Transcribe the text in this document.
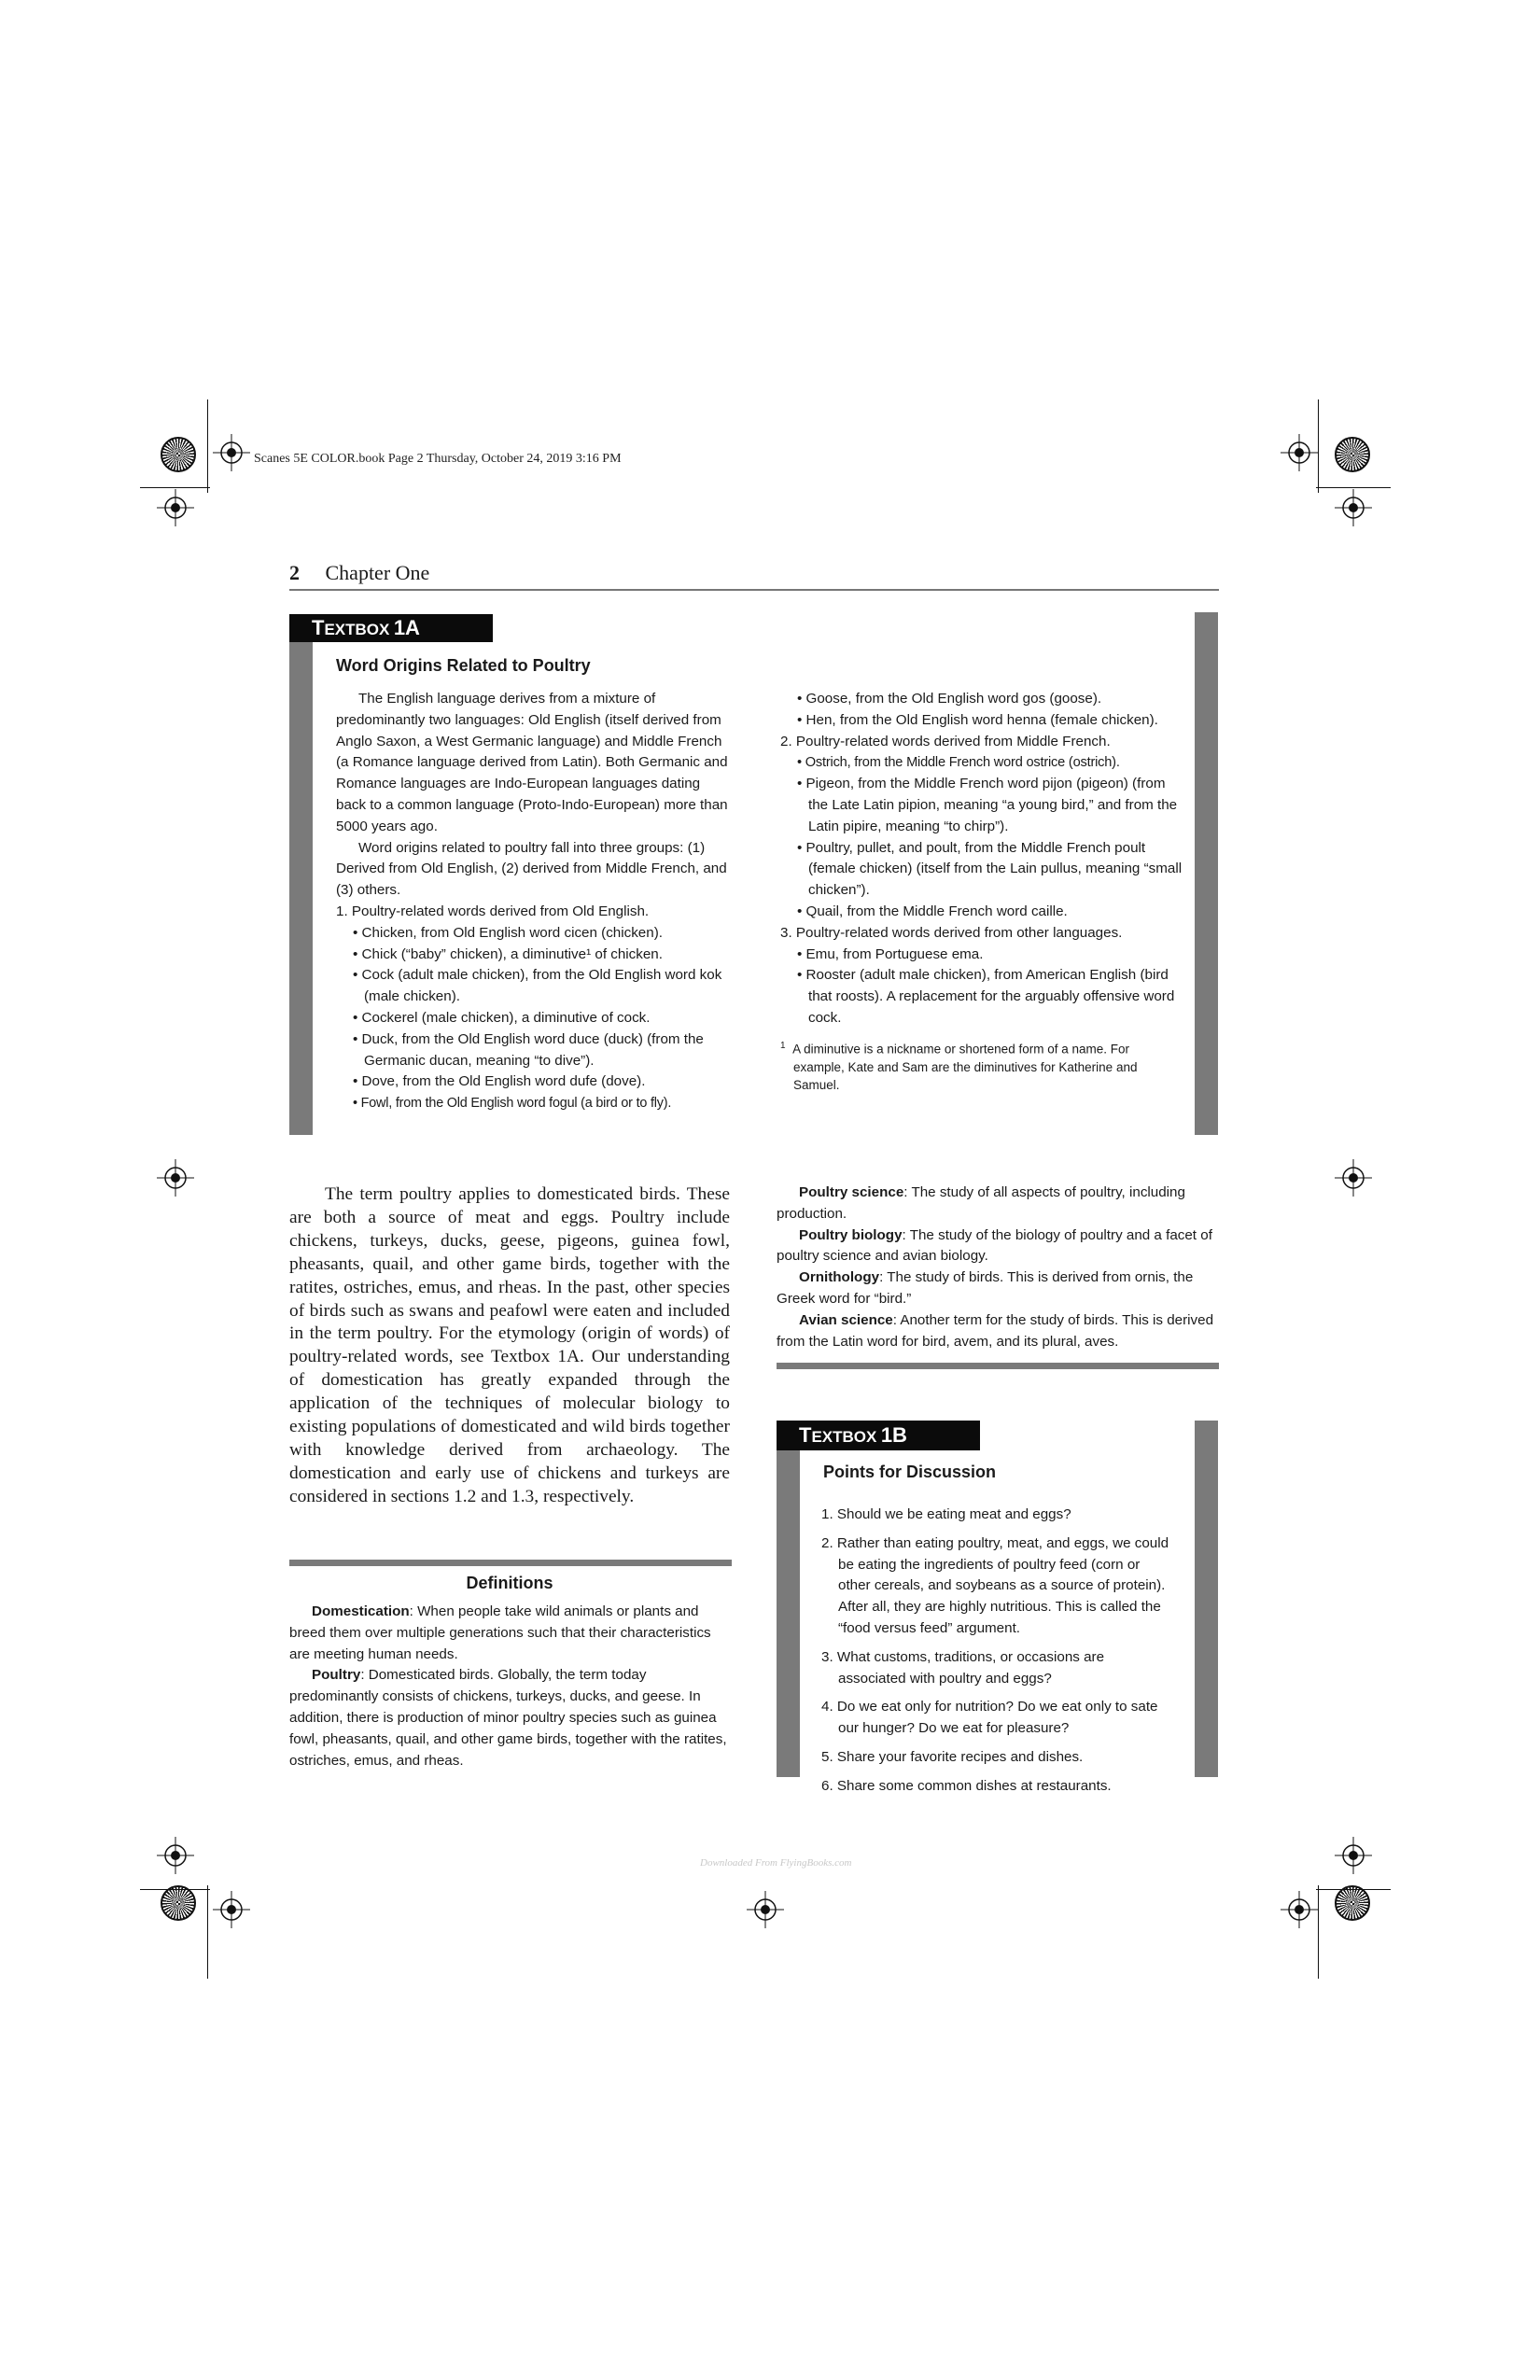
Scanes 5E COLOR.book Page 2 Thursday, October 24, 2019 3:16 PM
2 Chapter One
TEXTBOX 1A
Word Origins Related to Poultry

The English language derives from a mixture of predominantly two languages: Old English (itself derived from Anglo Saxon, a West Germanic language) and Middle French (a Romance language derived from Latin). Both Germanic and Romance languages are Indo-European languages dating back to a common language (Proto-Indo-European) more than 5000 years ago.

Word origins related to poultry fall into three groups: (1) Derived from Old English, (2) derived from Middle French, and (3) others.

1. Poultry-related words derived from Old English.

• Chicken, from Old English word cicen (chicken).
• Chick (“baby” chicken), a diminutive¹ of chicken.
• Cock (adult male chicken), from the Old English word kok (male chicken).
• Cockerel (male chicken), a diminutive of cock.
• Duck, from the Old English word duce (duck) (from the Germanic ducan, meaning “to dive”).
• Dove, from the Old English word dufe (dove).
• Fowl, from the Old English word fogul (a bird or to fly).
• Goose, from the Old English word gos (goose).
• Hen, from the Old English word henna (female chicken).

2. Poultry-related words derived from Middle French.

• Ostrich, from the Middle French word ostrice (ostrich).
• Pigeon, from the Middle French word pijon (pigeon) (from the Late Latin pipion, meaning “a young bird,” and from the Latin pipire, meaning “to chirp”).
• Poultry, pullet, and poult, from the Middle French poult (female chicken) (itself from the Lain pullus, meaning “small chicken”).
• Quail, from the Middle French word caille.

3. Poultry-related words derived from other languages.

• Emu, from Portuguese ema.
• Rooster (adult male chicken), from American English (bird that roosts). A replacement for the arguably offensive word cock.
$^1$ A diminutive is a nickname or shortened form of a name. For example, Kate and Sam are the diminutives for Katherine and Samuel.

The term poultry applies to domesticated birds. These are both a source of meat and eggs. Poultry include chickens, turkeys, ducks, geese, pigeons, guinea fowl, pheasants, quail, and other game birds, together with the ratites, ostriches, emus, and rheas. In the past, other species of birds such as swans and peafowl were eaten and included in the term poultry. For the etymology (origin of words) of poultry-related words, see Textbox 1A. Our understanding of domestication has greatly expanded through the application of the techniques of molecular biology to existing populations of domesticated and wild birds together with knowledge derived from archaeology. The domestication and early use of chickens and turkeys are considered in sections 1.2 and 1.3, respectively.

Definitions

Domestication: When people take wild animals or plants and breed them over multiple generations such that their characteristics are meeting human needs.

Poultry: Domesticated birds. Globally, the term today predominantly consists of chickens, turkeys, ducks, and geese. In addition, there is production of minor poultry species such as guinea fowl, pheasants, quail, and other game birds, together with the ratites, ostriches, emus, and rheas.

Poultry science: The study of all aspects of poultry, including production.

Poultry biology: The study of the biology of poultry and a facet of poultry science and avian biology.

Ornithology: The study of birds. This is derived from ornis, the Greek word for “bird.”

Avian science: Another term for the study of birds. This is derived from the Latin word for bird, avem, and its plural, aves.

TEXTBOX 1B
Points for Discussion
1. Should we be eating meat and eggs?
2. Rather than eating poultry, meat, and eggs, we could be eating the ingredients of poultry feed (corn or other cereals, and soybeans as a source of protein). After all, they are highly nutritious. This is called the “food versus feed” argument.
3. What customs, traditions, or occasions are associated with poultry and eggs?
4. Do we eat only for nutrition? Do we eat only to sate our hunger? Do we eat for pleasure?
5. Share your favorite recipes and dishes.
6. Share some common dishes at restaurants.
Downloaded From FlyingBooks.com
